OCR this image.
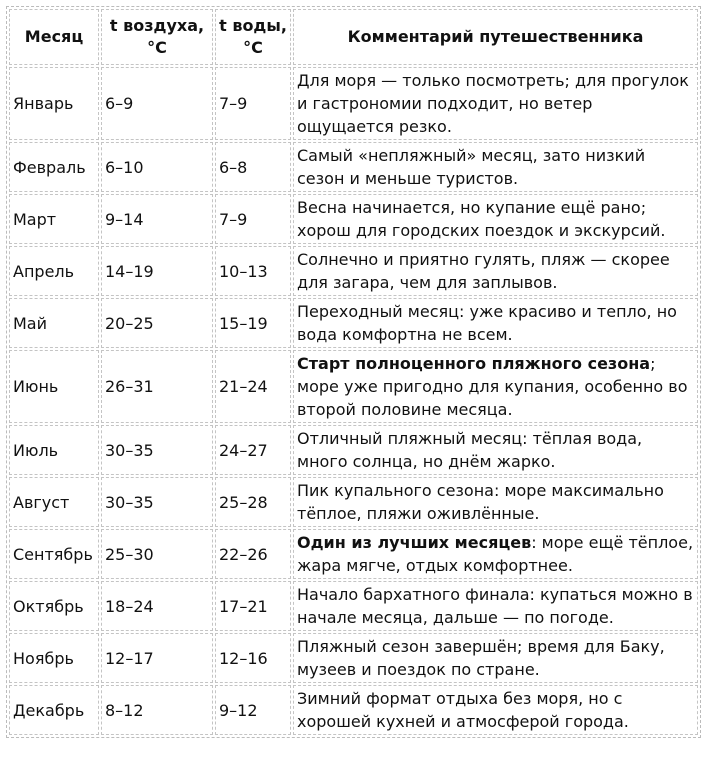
Месяц	t воздуха, °C	t воды, °C	Комментарий путешественника
Январь	6–9	7–9	Для моря — только посмотреть; для прогулок и гастрономии подходит, но ветер ощущается резко.
Февраль	6–10	6–8	Самый «непляжный» месяц, зато низкий сезон и меньше туристов.
Март	9–14	7–9	Весна начинается, но купание ещё рано; хорош для городских поездок и экскурсий.
Апрель	14–19	10–13	Солнечно и приятно гулять, пляж — скорее для загара, чем для заплывов.
Май	20–25	15–19	Переходный месяц: уже красиво и тепло, но вода комфортна не всем.
Июнь	26–31	21–24	Старт полноценного пляжного сезона; море уже пригодно для купания, особенно во второй половине месяца.
Июль	30–35	24–27	Отличный пляжный месяц: тёплая вода, много солнца, но днём жарко.
Август	30–35	25–28	Пик купального сезона: море максимально тёплое, пляжи оживлённые.
Сентябрь	25–30	22–26	Один из лучших месяцев: море ещё тёплое, жара мягче, отдых комфортнее.
Октябрь	18–24	17–21	Начало бархатного финала: купаться можно в начале месяца, дальше — по погоде.
Ноябрь	12–17	12–16	Пляжный сезон завершён; время для Баку, музеев и поездок по стране.
Декабрь	8–12	9–12	Зимний формат отдыха без моря, но с хорошей кухней и атмосферой города.
